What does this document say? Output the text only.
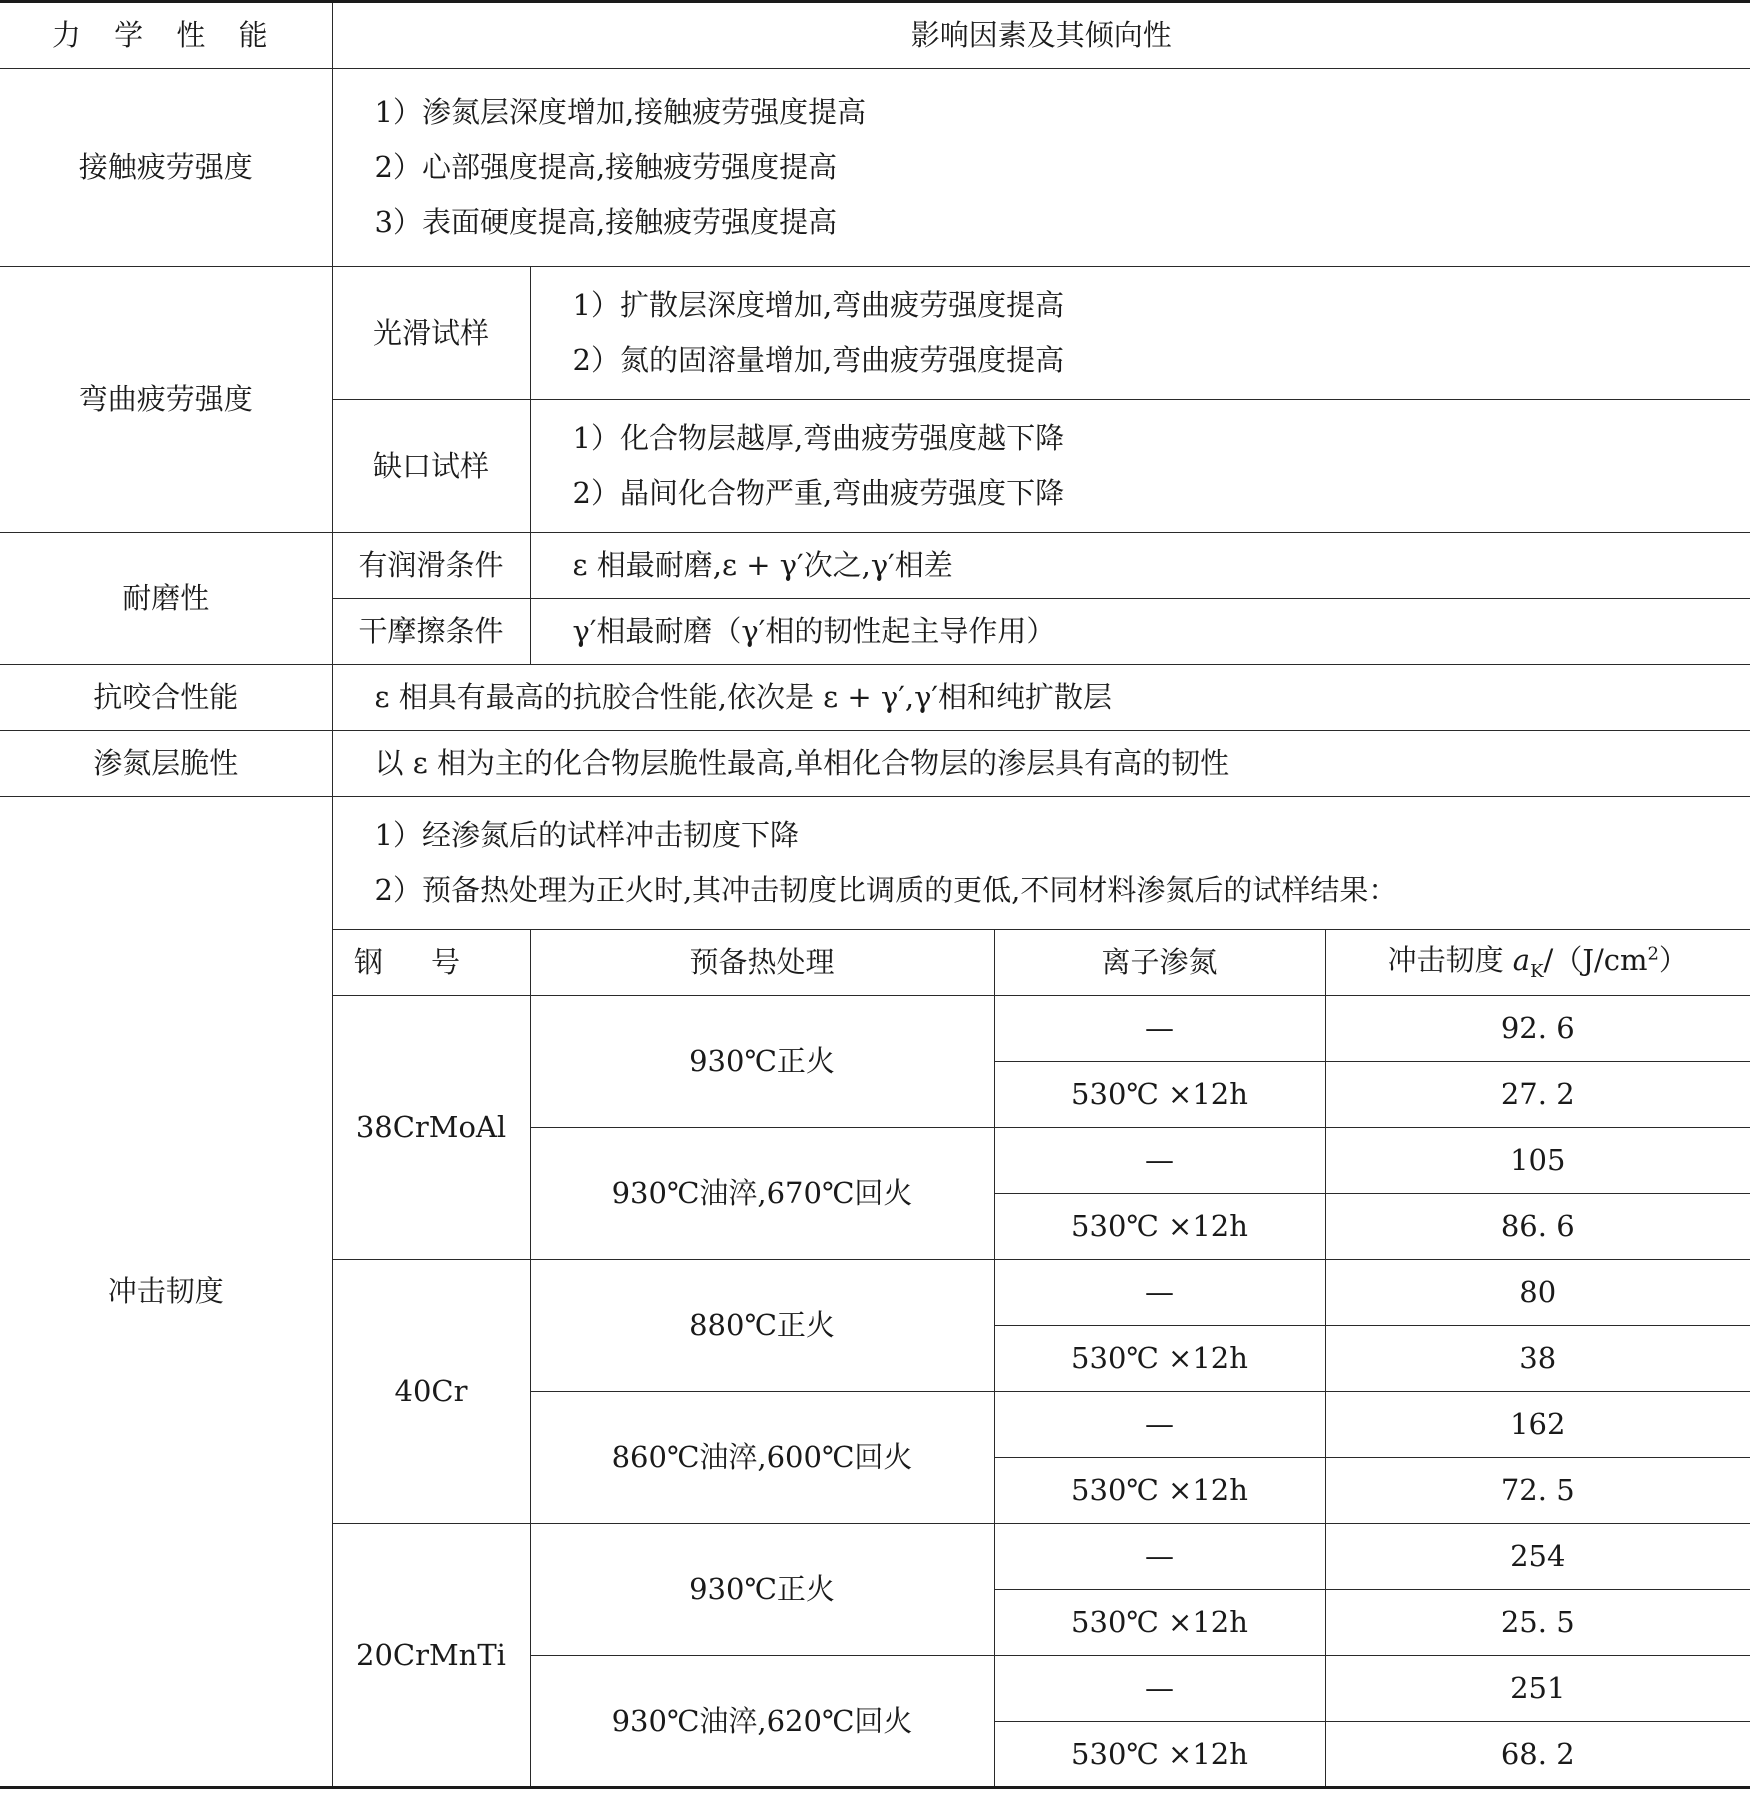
力 学 性 能	影响因素及其倾向性			
接触疲劳强度	1）渗氮层深度增加,接触疲劳强度提高
2）心部强度提高,接触疲劳强度提高
3）表面硬度提高,接触疲劳强度提高			

弯曲疲劳强度	光滑试样	1）扩散层深度增加,弯曲疲劳强度提高
2）氮的固溶量增加,弯曲疲劳强度提高		

	缺口试样	1）化合物层越厚,弯曲疲劳强度越下降
2）晶间化合物严重,弯曲疲劳强度下降		

耐磨性	有润滑条件	ε 相最耐磨,ε + γ′次之,γ′相差		
	干摩擦条件	γ′相最耐磨（γ′相的韧性起主导作用）		
抗咬合性能	ε 相具有最高的抗胶合性能,依次是 ε + γ′,γ′相和纯扩散层			
渗氮层脆性	以 ε 相为主的化合物层脆性最高,单相化合物层的渗层具有高的韧性			
冲击韧度	1）经渗氮后的试样冲击韧度下降
2）预备热处理为正火时,其冲击韧度比调质的更低,不同材料渗氮后的试样结果：			

	钢号	预备热处理	离子渗氮	冲击韧度 $a_K/(J/cm^2)$
	38CrMoAl	930℃正火	—	92. 6
			530℃ ×12h	27. 2
		930℃油淬,670℃回火	—	105
			530℃ ×12h	86. 6
	40Cr	880℃正火	—	80
			530℃ ×12h	38
		860℃油淬,600℃回火	—	162
			530℃ ×12h	72. 5
	20CrMnTi	930℃正火	—	254
			530℃ ×12h	25. 5
		930℃油淬,620℃回火	—	251
			530℃ ×12h	68. 2
